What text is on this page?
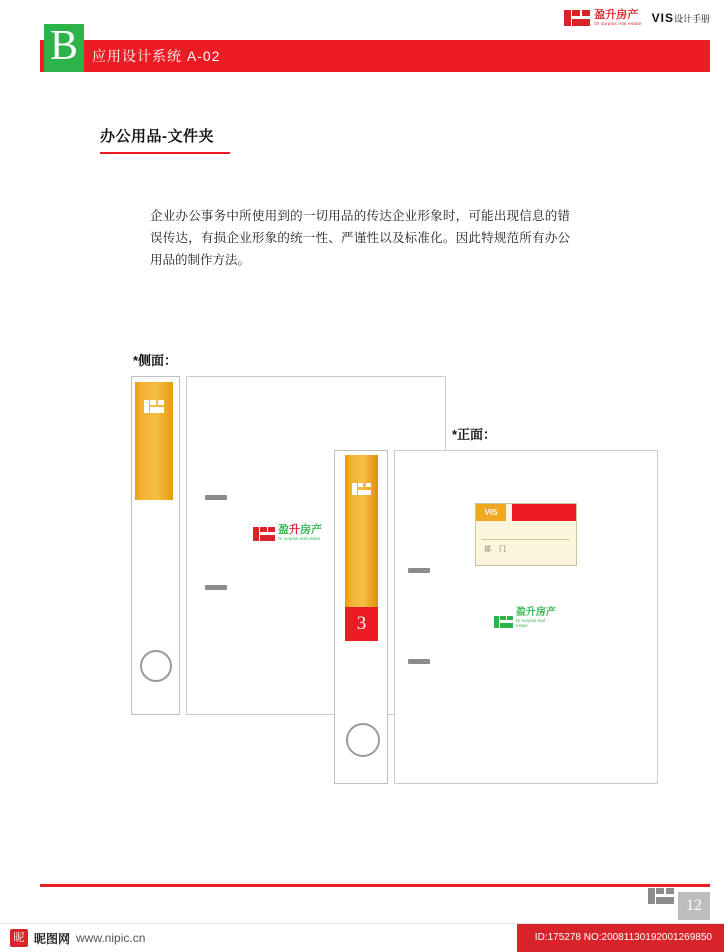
盈升房产
Or surplus real estate VIS设计手册
B	应用设计系统 A-02
办公用品-文件夹
企业办公事务中所使用到的一切用品的传达企业形象时，可能出现信息的错误传达，有损企业形象的统一性、严谨性以及标准化。因此特规范所有办公用品的制作方法。
*侧面：
*正面：
盈升房产
Or surplus real estate
VIS
部 门
盈升房产
Or surplus real estate
3
12
昵 昵图网 www.nipic.cn	ID:175278 NO:20081130192001269850
